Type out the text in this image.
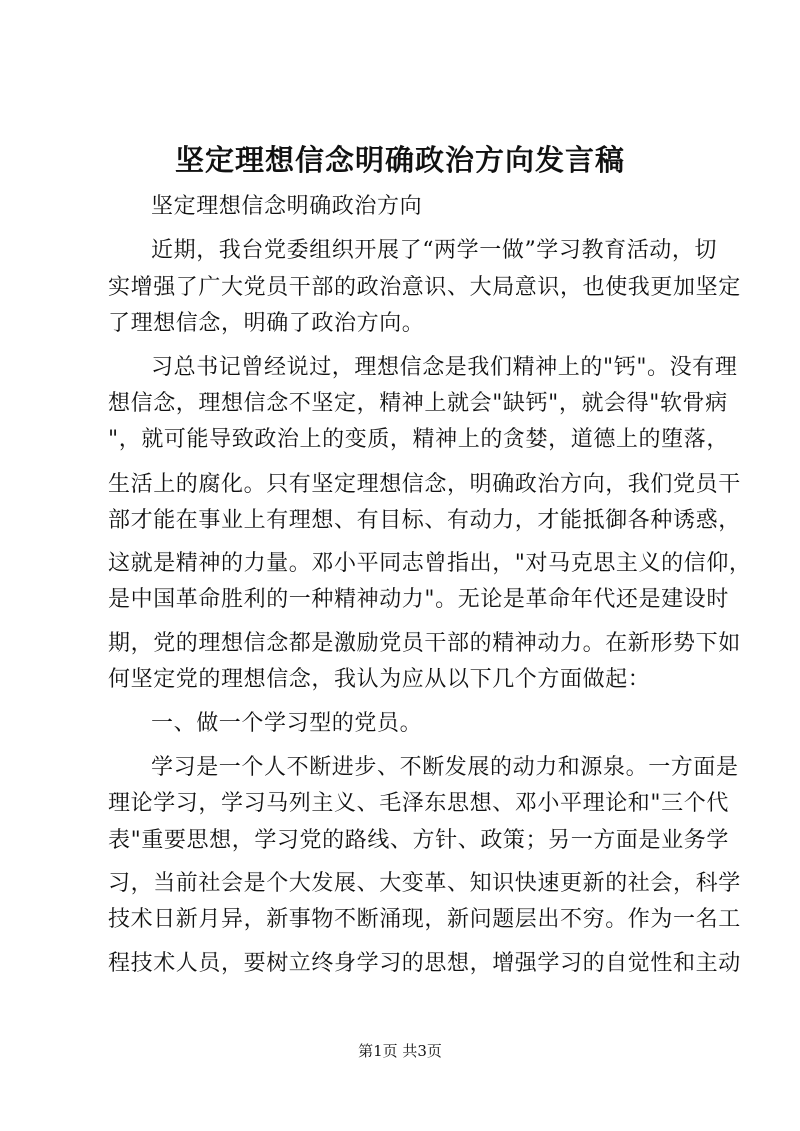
坚定理想信念明确政治方向发言稿

坚定理想信念明确政治方向

近期，我台党委组织开展了“两学一做”学习教育活动，切

实增强了广大党员干部的政治意识、大局意识，也使我更加坚定

了理想信念，明确了政治方向。

习总书记曾经说过，理想信念是我们精神上的"钙"。没有理

想信念，理想信念不坚定，精神上就会"缺钙"，就会得"软骨病

"，就可能导致政治上的变质，精神上的贪婪，道德上的堕落，

生活上的腐化。只有坚定理想信念，明确政治方向，我们党员干

部才能在事业上有理想、有目标、有动力，才能抵御各种诱惑，

这就是精神的力量。邓小平同志曾指出，"对马克思主义的信仰，

是中国革命胜利的一种精神动力"。无论是革命年代还是建设时

期，党的理想信念都是激励党员干部的精神动力。在新形势下如

何坚定党的理想信念，我认为应从以下几个方面做起：

一、做一个学习型的党员。

学习是一个人不断进步、不断发展的动力和源泉。一方面是

理论学习，学习马列主义、毛泽东思想、邓小平理论和"三个代

表"重要思想，学习党的路线、方针、政策；另一方面是业务学

习，当前社会是个大发展、大变革、知识快速更新的社会，科学

技术日新月异，新事物不断涌现，新问题层出不穷。作为一名工

程技术人员，要树立终身学习的思想，增强学习的自觉性和主动

第1页 共3页
